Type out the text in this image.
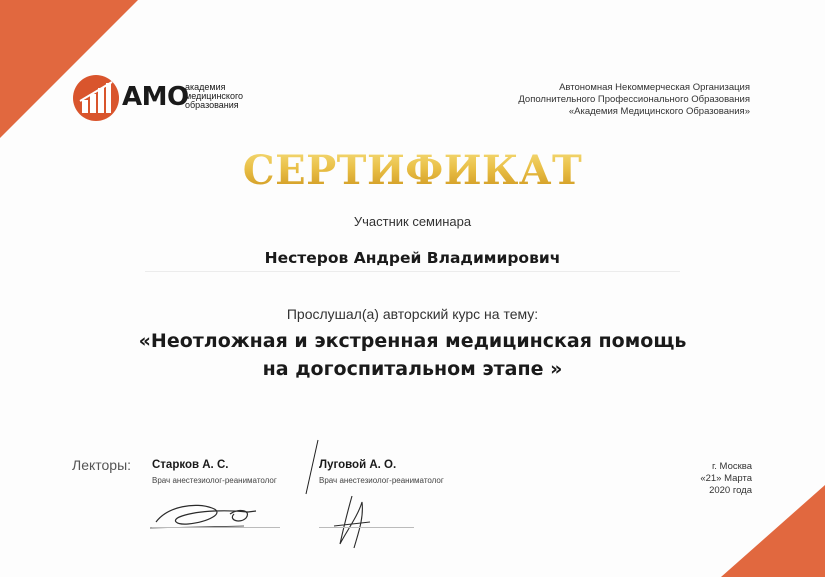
АМО
академия
медицинского
образования
Автономная Некоммерческая Организация
Дополнительного Профессионального Образования
«Академия Медицинского Образования»
СЕРТИФИКАТ
Участник семинара
Нестеров Андрей Владимирович
Прослушал(а) авторский курс на тему:
«Неотложная и экстренная медицинская помощь
на догоспитальном этапе »
Лекторы: Старков А. С.
Врач анестезиолог-реаниматолог
Луговой А. О.
Врач анестезиолог-реаниматолог
г. Москва
«21» Марта
2020 года
